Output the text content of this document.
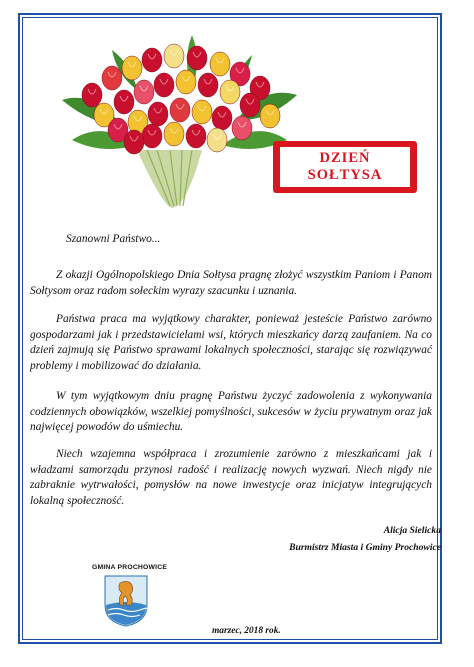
DZIEŃ
SOŁTYSA
Szanowni Państwo...
Z okazji Ogólnopolskiego Dnia Sołtysa pragnę złożyć wszystkim Paniom i Panom Sołtysom oraz radom sołeckim wyrazy szacunku i uznania.
Państwa praca ma wyjątkowy charakter, ponieważ jesteście Państwo zarówno gospodarzami jak i przedstawicielami wsi, których mieszkańcy darzą zaufaniem. Na co dzień zajmują się Państwo sprawami lokalnych społeczności, starając się rozwiązywać problemy i mobilizować do działania.
W tym wyjątkowym dniu pragnę Państwu życzyć zadowolenia z wykonywania codziennych obowiązków, wszelkiej pomyślności, sukcesów w życiu prywatnym oraz jak najwięcej powodów do uśmiechu.
Niech wzajemna współpraca i zrozumienie zarówno z mieszkańcami jak i władzami samorządu przynosi radość i realizację nowych wyzwań. Niech nigdy nie zabraknie wytrwałości, pomysłów na nowe inwestycje oraz inicjatyw integrujących lokalną społeczność.
Alicja Sielicka
Burmistrz Miasta i Gminy Prochowice
GMINA PROCHOWICE
marzec, 2018 rok.
